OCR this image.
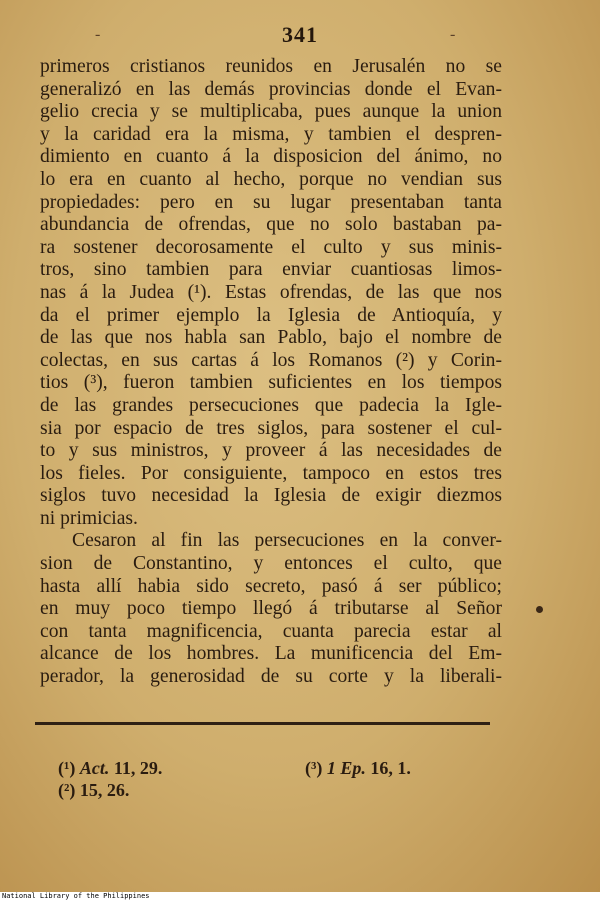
-	341	-
primeros cristianos reunidos en Jerusalén no se
generalizó en las demás provincias donde el Evan-
gelio crecia y se multiplicaba, pues aunque la union
y la caridad era la misma, y tambien el despren-
dimiento en cuanto á la disposicion del ánimo, no
lo era en cuanto al hecho, porque no vendian sus
propiedades: pero en su lugar presentaban tanta
abundancia de ofrendas, que no solo bastaban pa-
ra sostener decorosamente el culto y sus minis-
tros, sino tambien para enviar cuantiosas limos-
nas á la Judea (¹). Estas ofrendas, de las que nos
da el primer ejemplo la Iglesia de Antioquía, y
de las que nos habla san Pablo, bajo el nombre de
colectas, en sus cartas á los Romanos (²) y Corin-
tios (³), fueron tambien suficientes en los tiempos
de las grandes persecuciones que padecia la Igle-
sia por espacio de tres siglos, para sostener el cul-
to y sus ministros, y proveer á las necesidades de
los fieles. Por consiguiente, tampoco en estos tres
siglos tuvo necesidad la Iglesia de exigir diezmos
ni primicias.
Cesaron al fin las persecuciones en la conver-
sion de Constantino, y entonces el culto, que
hasta allí habia sido secreto, pasó á ser público;
en muy poco tiempo llegó á tributarse al Señor
con tanta magnificencia, cuanta parecia estar al
alcance de los hombres. La munificencia del Em-
perador, la generosidad de su corte y la liberali-
(¹) Act. 11, 29.
(²) 15, 26.
(³) 1 Ep. 16, 1.
National Library of the Philippines
